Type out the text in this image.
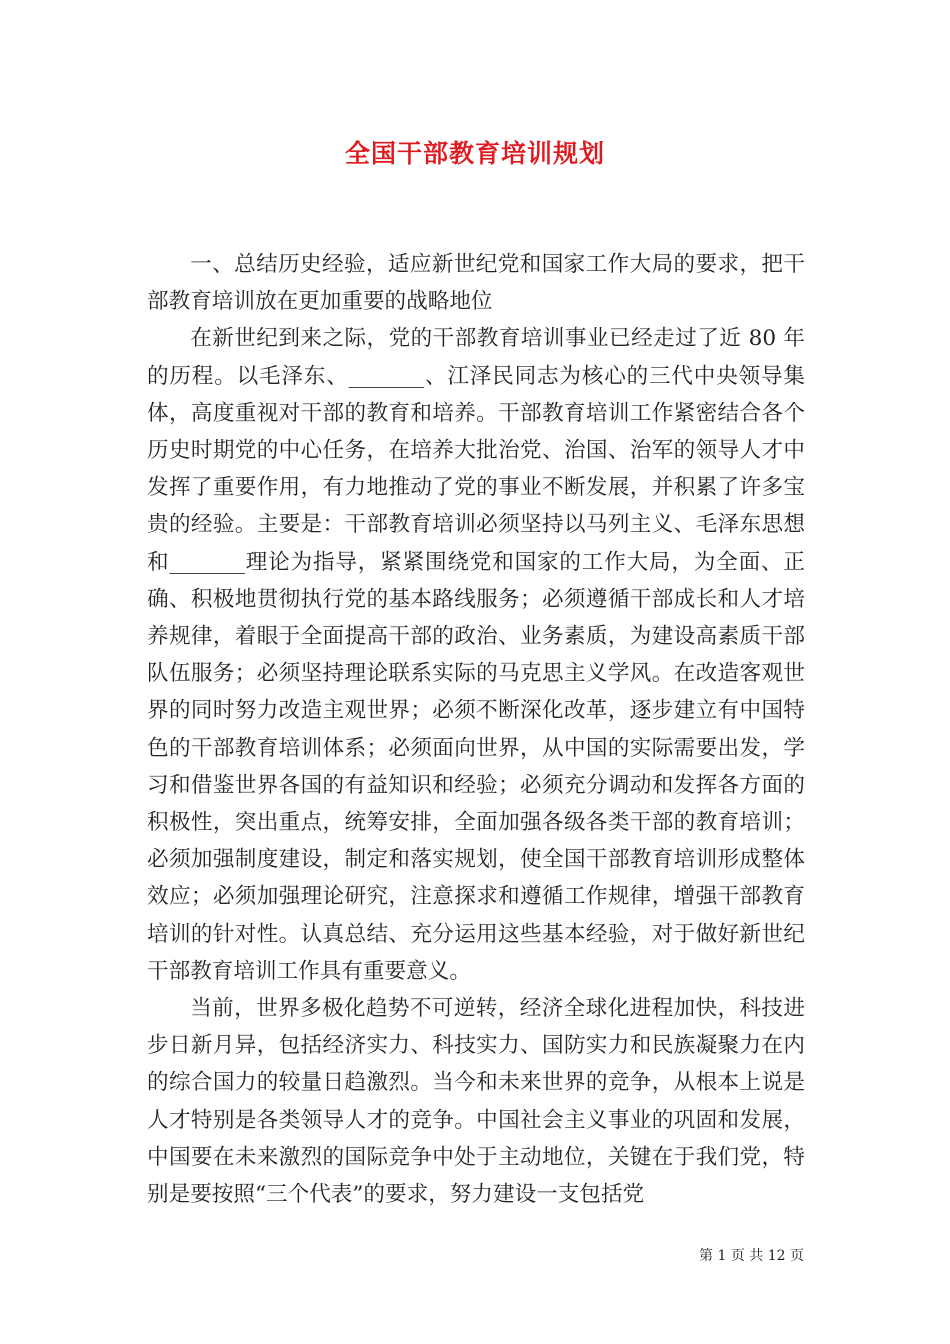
全国干部教育培训规划

一、总结历史经验，适应新世纪党和国家工作大局的要求，把干部教育培训放在更加重要的战略地位

在新世纪到来之际，党的干部教育培训事业已经走过了近 80 年的历程。以毛泽东、_______、江泽民同志为核心的三代中央领导集体，高度重视对干部的教育和培养。干部教育培训工作紧密结合各个历史时期党的中心任务，在培养大批治党、治国、治军的领导人才中发挥了重要作用，有力地推动了党的事业不断发展，并积累了许多宝贵的经验。主要是：干部教育培训必须坚持以马列主义、毛泽东思想和_______理论为指导，紧紧围绕党和国家的工作大局，为全面、正确、积极地贯彻执行党的基本路线服务；必须遵循干部成长和人才培养规律，着眼于全面提高干部的政治、业务素质，为建设高素质干部队伍服务；必须坚持理论联系实际的马克思主义学风。在改造客观世界的同时努力改造主观世界；必须不断深化改革，逐步建立有中国特色的干部教育培训体系；必须面向世界，从中国的实际需要出发，学习和借鉴世界各国的有益知识和经验；必须充分调动和发挥各方面的积极性，突出重点，统筹安排，全面加强各级各类干部的教育培训；必须加强制度建设，制定和落实规划，使全国干部教育培训形成整体效应；必须加强理论研究，注意探求和遵循工作规律，增强干部教育培训的针对性。认真总结、充分运用这些基本经验，对于做好新世纪干部教育培训工作具有重要意义。

当前，世界多极化趋势不可逆转，经济全球化进程加快，科技进步日新月异，包括经济实力、科技实力、国防实力和民族凝聚力在内的综合国力的较量日趋激烈。当今和未来世界的竞争，从根本上说是人才特别是各类领导人才的竞争。中国社会主义事业的巩固和发展，中国要在未来激烈的国际竞争中处于主动地位，关键在于我们党，特别是要按照“三个代表”的要求，努力建设一支包括党

第 1 页 共 12 页
